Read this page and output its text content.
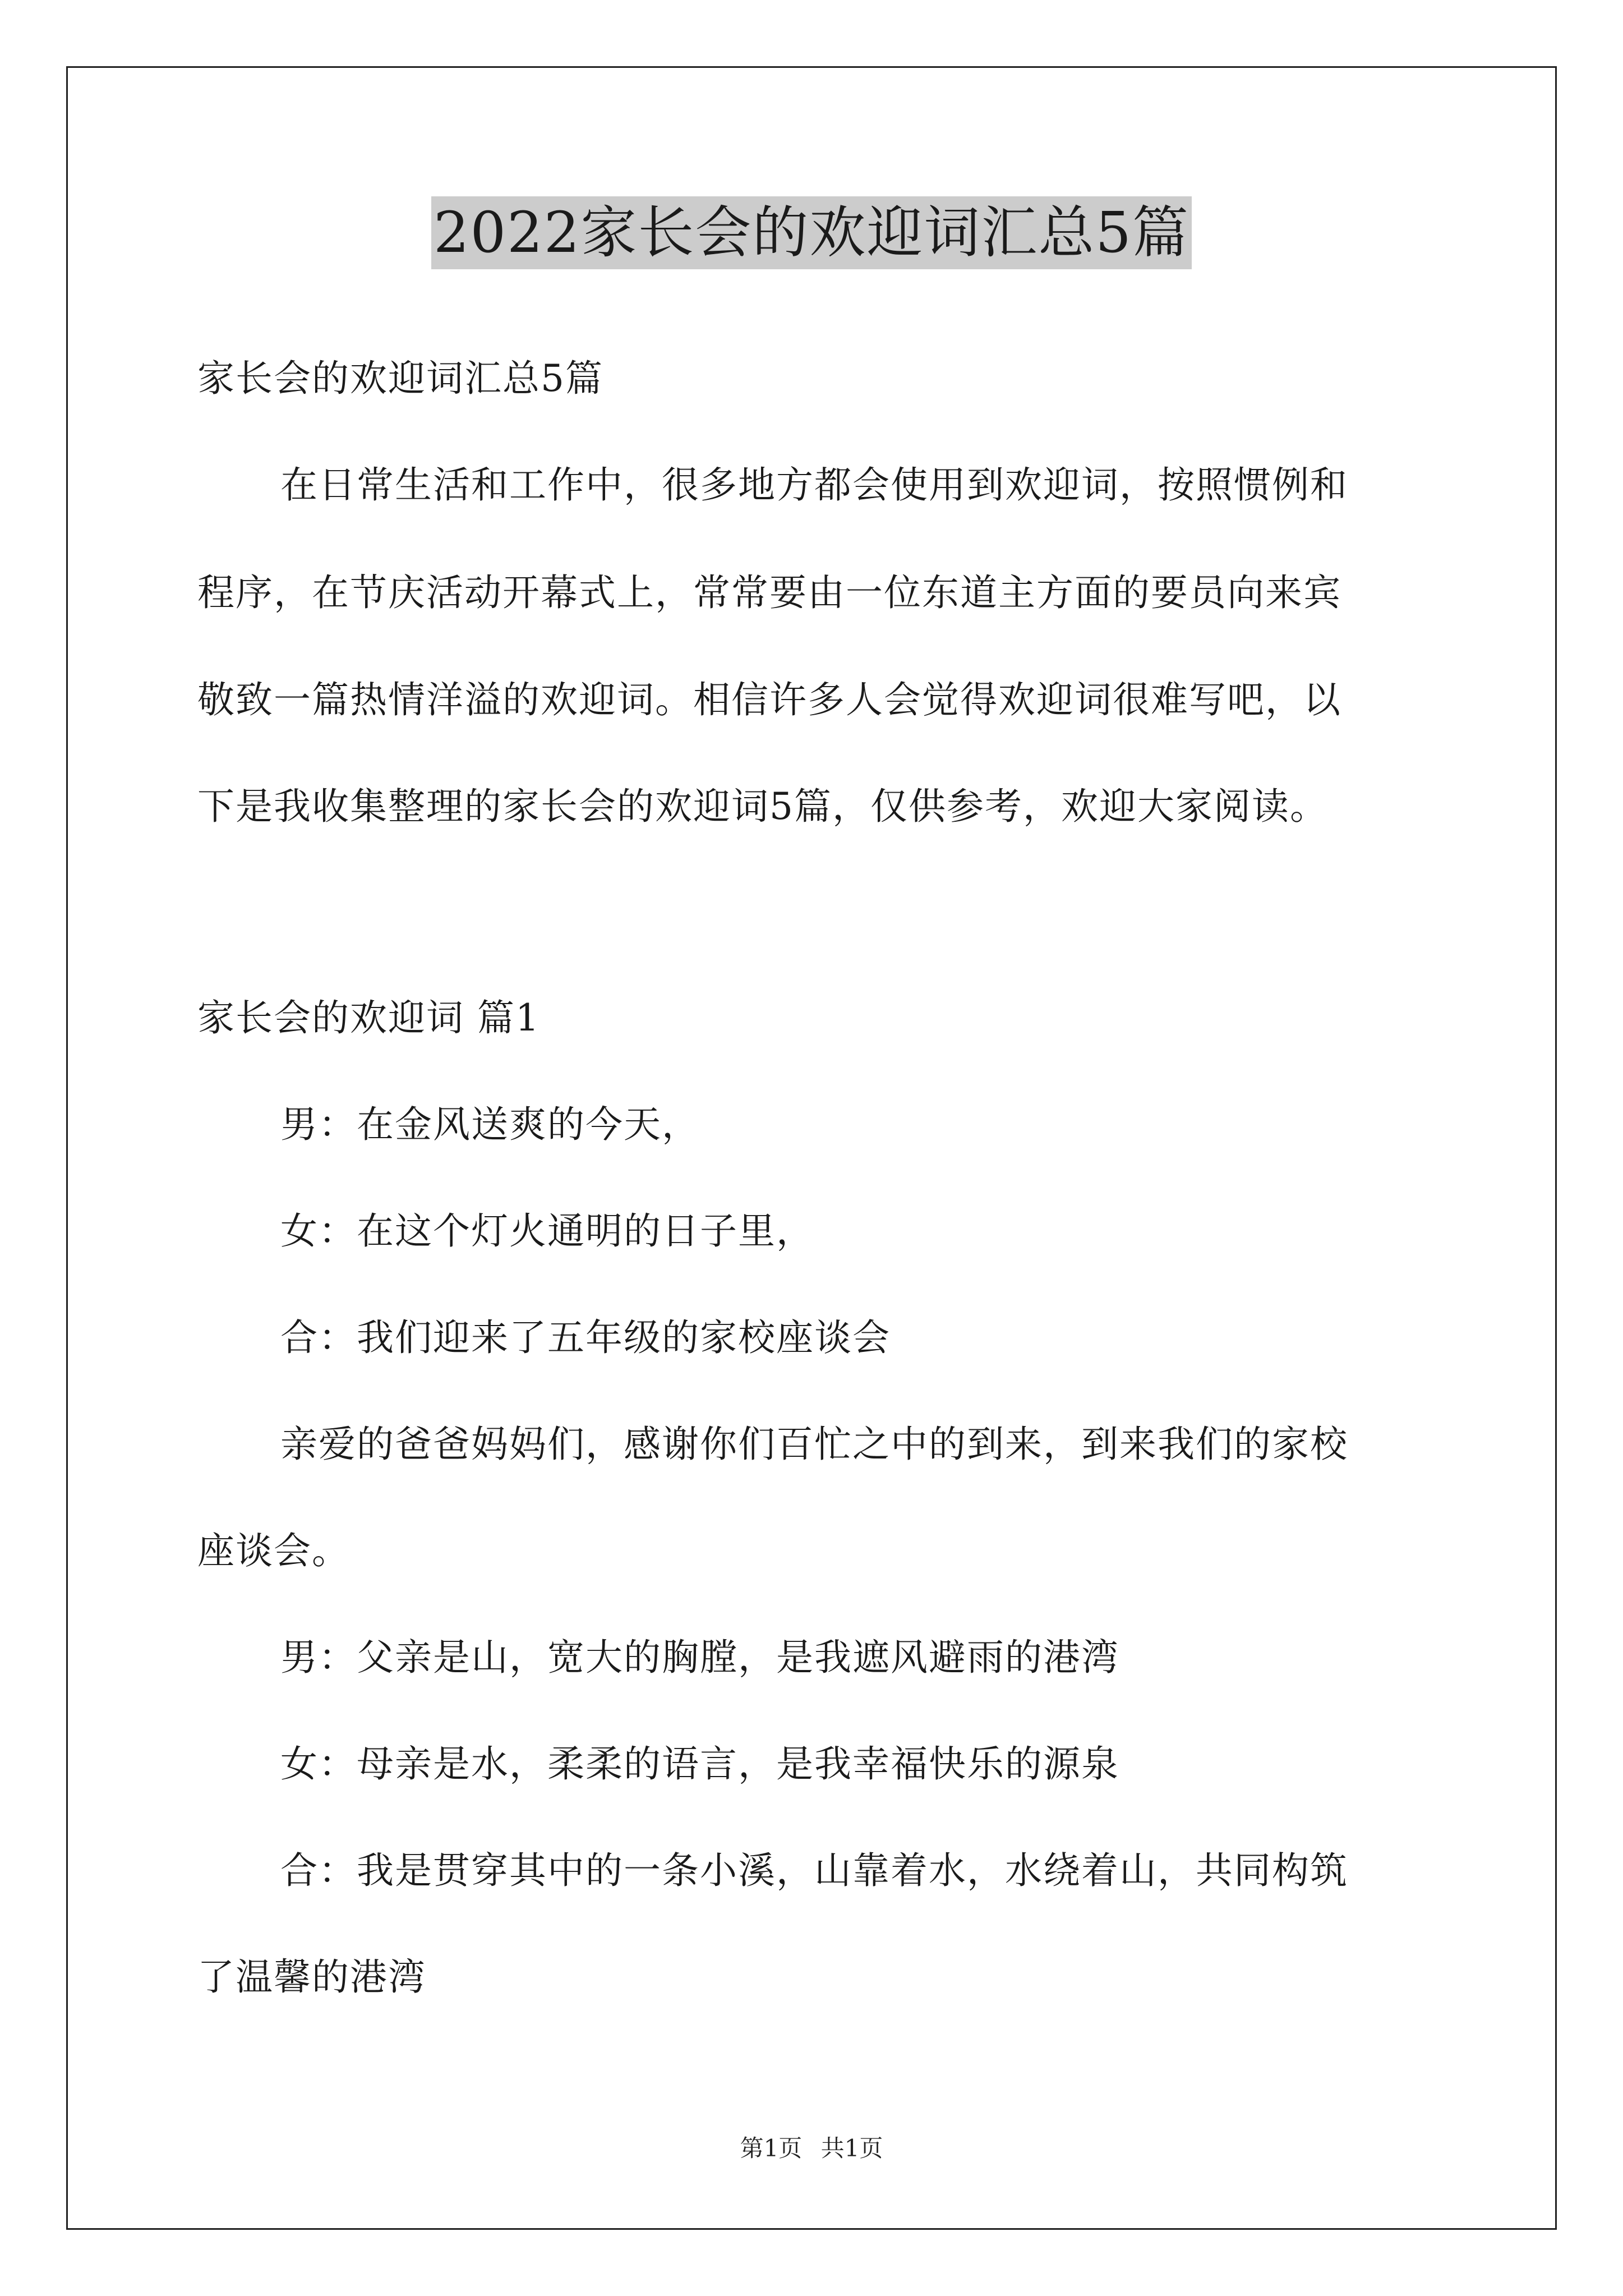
2022家长会的欢迎词汇总5篇
家长会的欢迎词汇总5篇
在日常生活和工作中，很多地方都会使用到欢迎词，按照惯例和
程序，在节庆活动开幕式上，常常要由一位东道主方面的要员向来宾
敬致一篇热情洋溢的欢迎词。相信许多人会觉得欢迎词很难写吧，以
下是我收集整理的家长会的欢迎词5篇，仅供参考，欢迎大家阅读。
家长会的欢迎词 篇1
男：在金风送爽的今天，
女：在这个灯火通明的日子里，
合：我们迎来了五年级的家校座谈会
亲爱的爸爸妈妈们，感谢你们百忙之中的到来，到来我们的家校
座谈会。
男：父亲是山，宽大的胸膛，是我遮风避雨的港湾
女：母亲是水，柔柔的语言，是我幸福快乐的源泉
合：我是贯穿其中的一条小溪，山靠着水，水绕着山，共同构筑
了温馨的港湾
第1页 共1页
